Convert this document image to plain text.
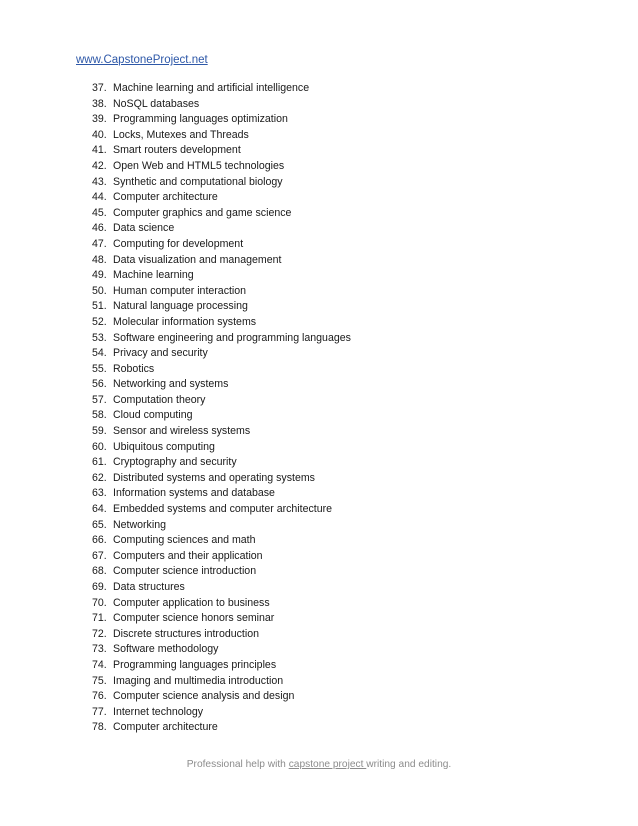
www.CapstoneProject.net
37. Machine learning and artificial intelligence
38. NoSQL databases
39. Programming languages optimization
40. Locks, Mutexes and Threads
41. Smart routers development
42. Open Web and HTML5 technologies
43. Synthetic and computational biology
44. Computer architecture
45. Computer graphics and game science
46. Data science
47. Computing for development
48. Data visualization and management
49. Machine learning
50. Human computer interaction
51. Natural language processing
52. Molecular information systems
53. Software engineering and programming languages
54. Privacy and security
55. Robotics
56. Networking and systems
57. Computation theory
58. Cloud computing
59. Sensor and wireless systems
60. Ubiquitous computing
61. Cryptography and security
62. Distributed systems and operating systems
63. Information systems and database
64. Embedded systems and computer architecture
65. Networking
66. Computing sciences and math
67. Computers and their application
68. Computer science introduction
69. Data structures
70. Computer application to business
71. Computer science honors seminar
72. Discrete structures introduction
73. Software methodology
74. Programming languages principles
75. Imaging and multimedia introduction
76. Computer science analysis and design
77. Internet technology
78. Computer architecture
Professional help with capstone project writing and editing.
